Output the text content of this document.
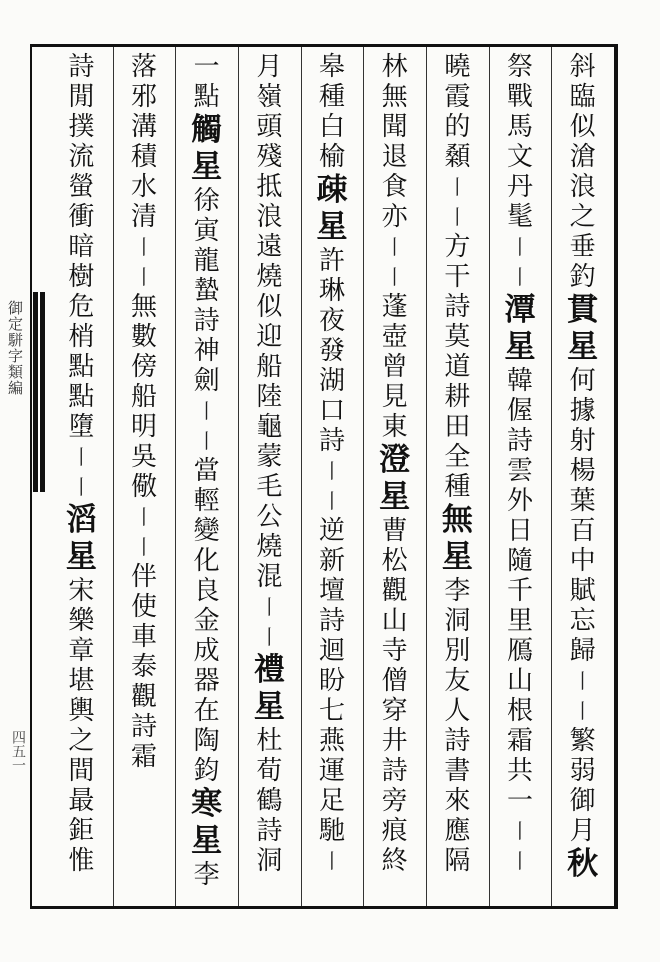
御定駢字類編
四五一
斜
臨
似
滄
浪
之
垂
釣
貫
星
何
據
射
楊
葉
百
中
賦
忘
歸
丨
丨
繁
弱
御
月
秋
祭
戰
馬
文
丹
髦
丨
丨
潭
星
韓
偓
詩
雲
外
日
隨
千
里
鴈
山
根
霜
共
一
丨
丨
曉
霞
的
顙
丨
丨
方
干
詩
莫
道
耕
田
全
種
無
星
李
洞
別
友
人
詩
書
來
應
隔
林
無
聞
退
食
亦
丨
丨
蓬
壺
曾
見
東
澄
星
曹
松
觀
山
寺
僧
穿
井
詩
旁
痕
終
皋
種
白
榆
疎
星
許
琳
夜
發
湖
口
詩
丨
丨
逆
新
壇
詩
迴
盼
七
燕
運
足
馳
丨
月
嶺
頭
殘
抵
浪
遠
燒
似
迎
船
陸
龜
蒙
毛
公
燒
混
丨
丨
禮
星
杜
荀
鶴
詩
洞
一
點
觸
星
徐
寅
龍
蟄
詩
神
劍
丨
丨
當
輕
變
化
良
金
成
器
在
陶
鈞
寒
星
李
落
邪
溝
積
水
清
丨
丨
無
數
傍
船
明
吳
儆
丨
丨
伴
使
車
泰
觀
詩
霜
詩
閒
撲
流
螢
衝
暗
樹
危
梢
點
點
墮
丨
丨
滔
星
宋
樂
章
堪
輿
之
間
最
鉅
惟
